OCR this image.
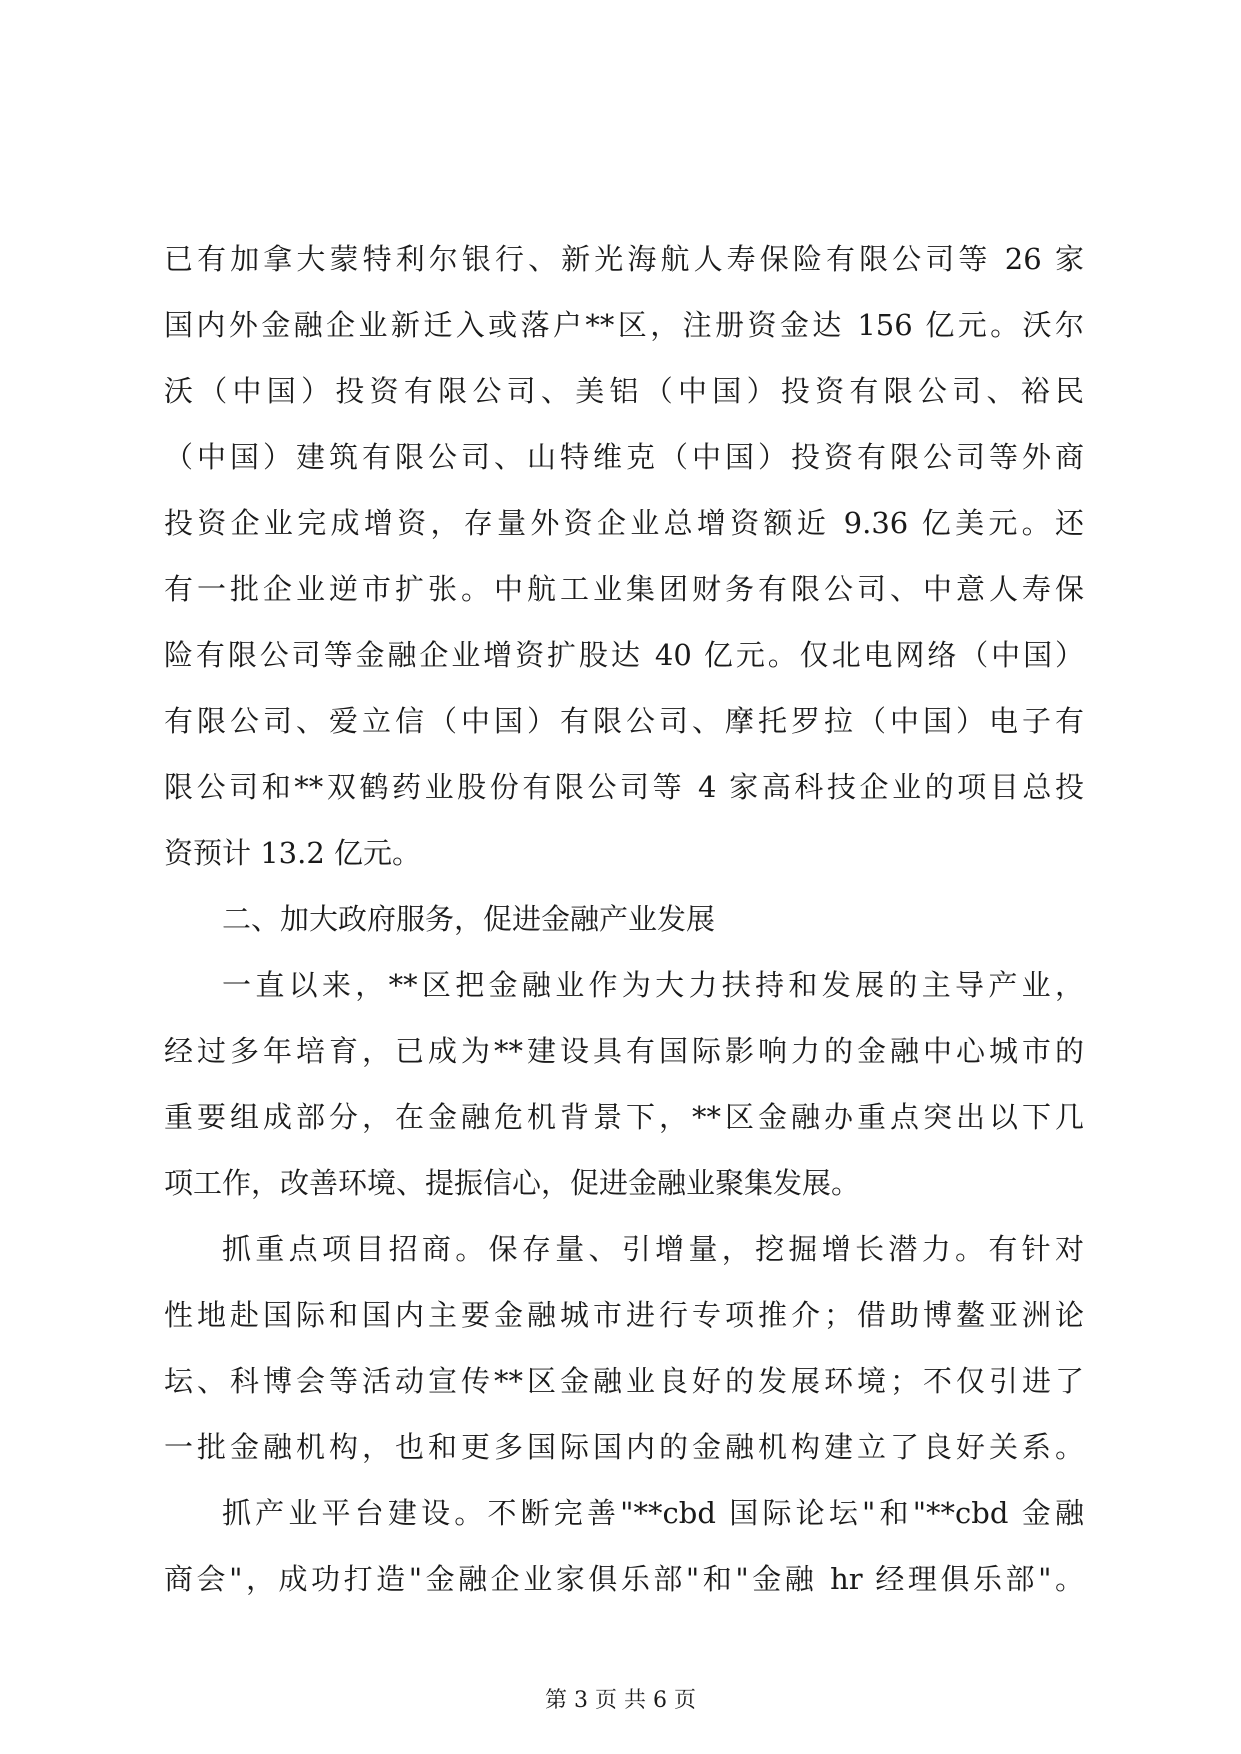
已有加拿大蒙特利尔银行、新光海航人寿保险有限公司等 26 家
国内外金融企业新迁入或落户**区，注册资金达 156 亿元。沃尔
沃（中国）投资有限公司、美铝（中国）投资有限公司、裕民
（中国）建筑有限公司、山特维克（中国）投资有限公司等外商
投资企业完成增资，存量外资企业总增资额近 9.36 亿美元。还
有一批企业逆市扩张。中航工业集团财务有限公司、中意人寿保
险有限公司等金融企业增资扩股达 40 亿元。仅北电网络（中国）
有限公司、爱立信（中国）有限公司、摩托罗拉（中国）电子有
限公司和**双鹤药业股份有限公司等 4 家高科技企业的项目总投
资预计 13.2 亿元。
二、加大政府服务，促进金融产业发展
一直以来，**区把金融业作为大力扶持和发展的主导产业，
经过多年培育，已成为**建设具有国际影响力的金融中心城市的
重要组成部分，在金融危机背景下，**区金融办重点突出以下几
项工作，改善环境、提振信心，促进金融业聚集发展。
抓重点项目招商。保存量、引增量，挖掘增长潜力。有针对
性地赴国际和国内主要金融城市进行专项推介；借助博鳌亚洲论
坛、科博会等活动宣传**区金融业良好的发展环境；不仅引进了
一批金融机构，也和更多国际国内的金融机构建立了良好关系。
抓产业平台建设。不断完善"**cbd 国际论坛"和"**cbd 金融
商会"，成功打造"金融企业家俱乐部"和"金融 hr 经理俱乐部"。
第 3 页 共 6 页
